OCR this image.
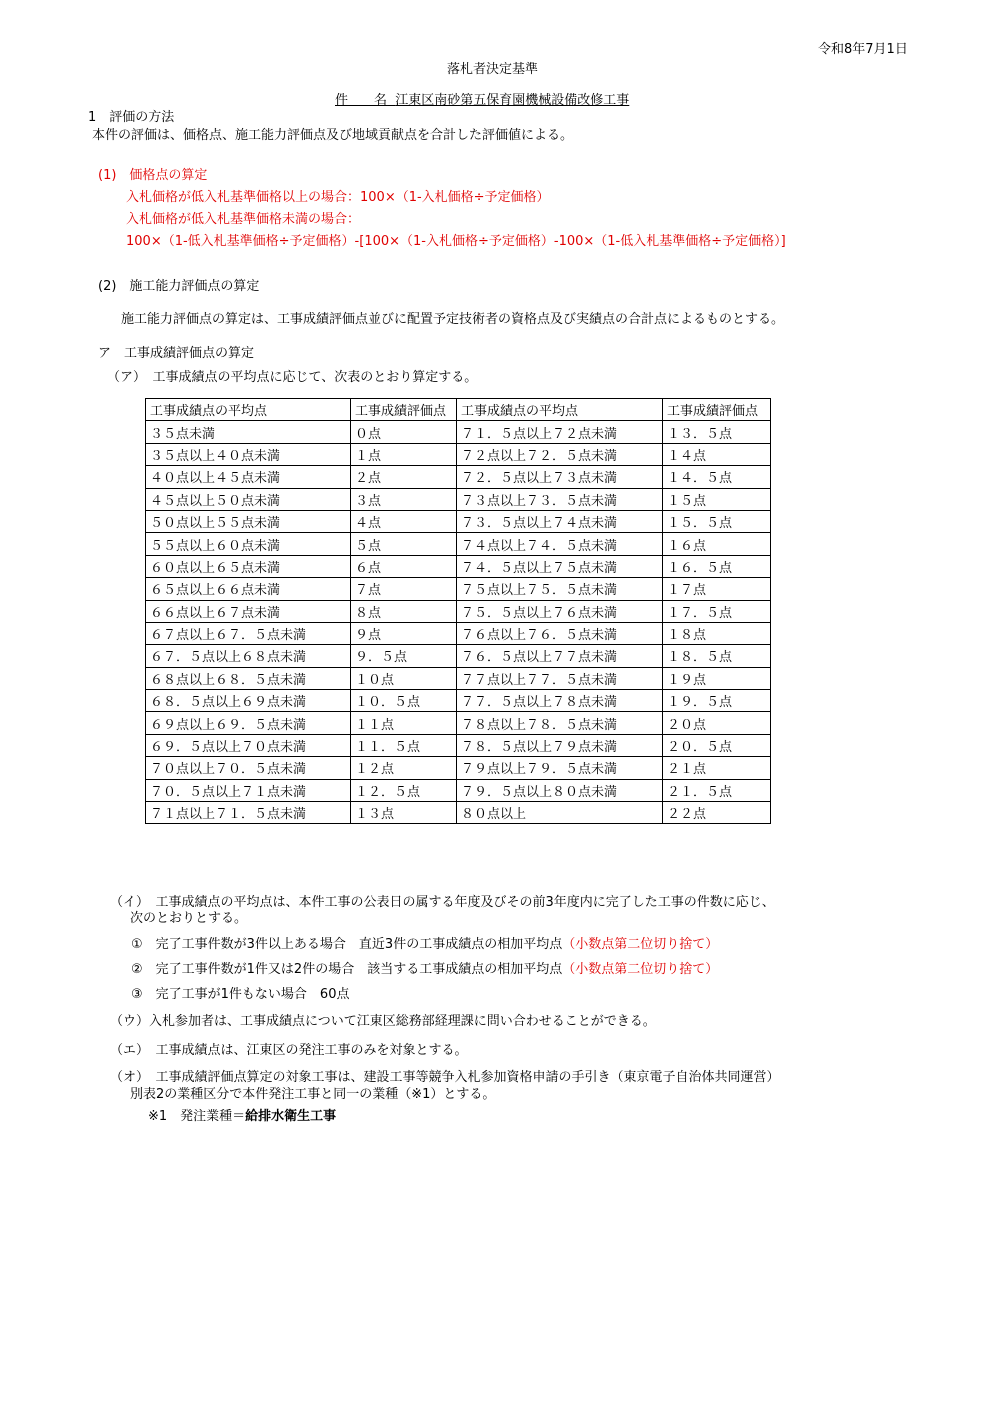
令和8年7月1日
落札者決定基準
件　　名 江東区南砂第五保育園機械設備改修工事
1　評価の方法
本件の評価は、価格点、施工能力評価点及び地域貢献点を合計した評価値による。
(1)　価格点の算定
入札価格が低入札基準価格以上の場合：100×（1-入札価格÷予定価格）
入札価格が低入札基準価格未満の場合：
100×（1-低入札基準価格÷予定価格）-[100×（1-入札価格÷予定価格）-100×（1-低入札基準価格÷予定価格）]
(2)　施工能力評価点の算定
施工能力評価点の算定は、工事成績評価点並びに配置予定技術者の資格点及び実績点の合計点によるものとする。
ア　工事成績評価点の算定
（ア）　工事成績点の平均点に応じて、次表のとおり算定する。
工事成績点の平均点	工事成績評価点	工事成績点の平均点	工事成績評価点
３５点未満	０点	７１．５点以上７２点未満	１３．５点
３５点以上４０点未満	１点	７２点以上７２．５点未満	１４点
４０点以上４５点未満	２点	７２．５点以上７３点未満	１４．５点
４５点以上５０点未満	３点	７３点以上７３．５点未満	１５点
５０点以上５５点未満	４点	７３．５点以上７４点未満	１５．５点
５５点以上６０点未満	５点	７４点以上７４．５点未満	１６点
６０点以上６５点未満	６点	７４．５点以上７５点未満	１６．５点
６５点以上６６点未満	７点	７５点以上７５．５点未満	１７点
６６点以上６７点未満	８点	７５．５点以上７６点未満	１７．５点
６７点以上６７．５点未満	９点	７６点以上７６．５点未満	１８点
６７．５点以上６８点未満	９．５点	７６．５点以上７７点未満	１８．５点
６８点以上６８．５点未満	１０点	７７点以上７７．５点未満	１９点
６８．５点以上６９点未満	１０．５点	７７．５点以上７８点未満	１９．５点
６９点以上６９．５点未満	１１点	７８点以上７８．５点未満	２０点
６９．５点以上７０点未満	１１．５点	７８．５点以上７９点未満	２０．５点
７０点以上７０．５点未満	１２点	７９点以上７９．５点未満	２１点
７０．５点以上７１点未満	１２．５点	７９．５点以上８０点未満	２１．５点
７１点以上７１．５点未満	１３点	８０点以上	２２点
（イ）　工事成績点の平均点は、本件工事の公表日の属する年度及びその前3年度内に完了した工事の件数に応じ、
次のとおりとする。
①　完了工事件数が3件以上ある場合　直近3件の工事成績点の相加平均点（小数点第二位切り捨て）
②　完了工事件数が1件又は2件の場合　該当する工事成績点の相加平均点（小数点第二位切り捨て）
③　完了工事が1件もない場合　60点
（ウ）入札参加者は、工事成績点について江東区総務部経理課に問い合わせることができる。
（エ）　工事成績点は、江東区の発注工事のみを対象とする。
（オ）　工事成績評価点算定の対象工事は、建設工事等競争入札参加資格申請の手引き（東京電子自治体共同運営）
別表2の業種区分で本件発注工事と同一の業種（※1）とする。
※1　発注業種＝給排水衛生工事
